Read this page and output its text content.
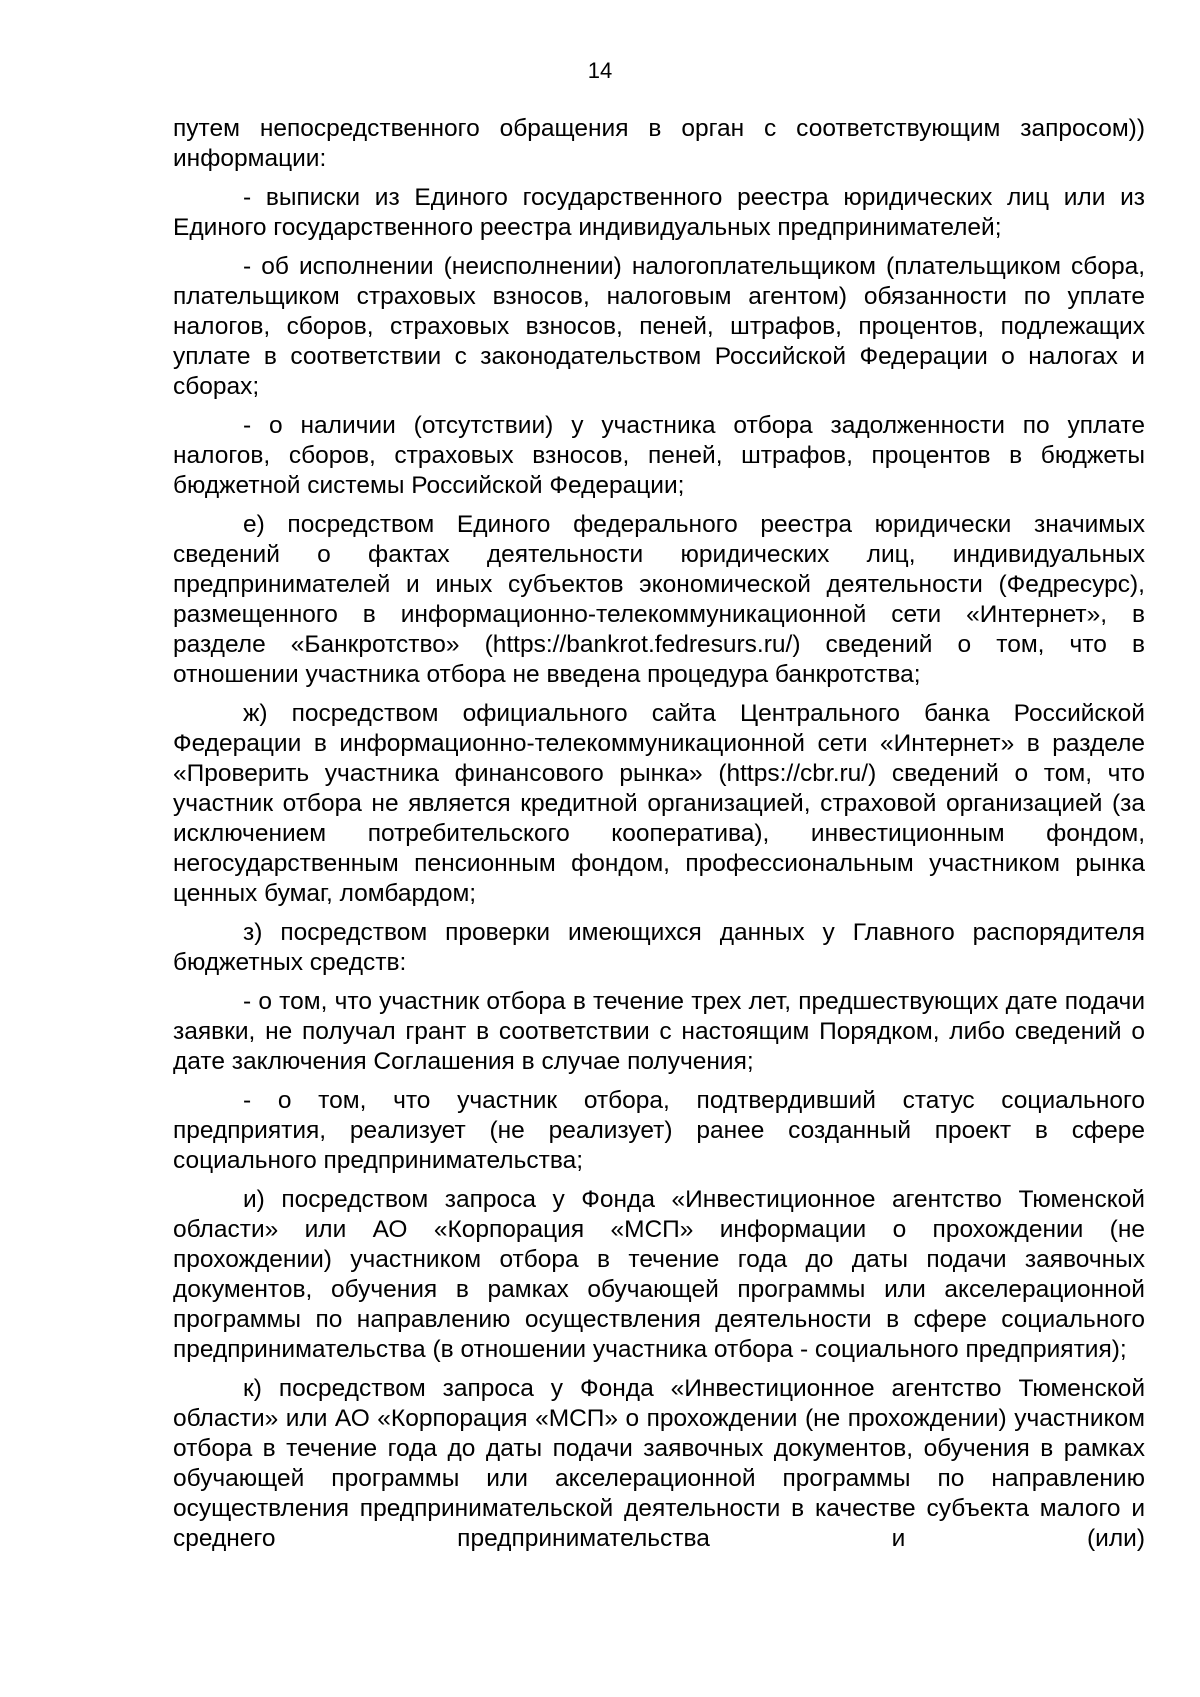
14

путем непосредственного обращения в орган с соответствующим запросом)) информации:

- выписки из Единого государственного реестра юридических лиц или из Единого государственного реестра индивидуальных предпринимателей;

- об исполнении (неисполнении) налогоплательщиком (плательщиком сбора, плательщиком страховых взносов, налоговым агентом) обязанности по уплате налогов, сборов, страховых взносов, пеней, штрафов, процентов, подлежащих уплате в соответствии с законодательством Российской Федерации о налогах и сборах;

- о наличии (отсутствии) у участника отбора задолженности по уплате налогов, сборов, страховых взносов, пеней, штрафов, процентов в бюджеты бюджетной системы Российской Федерации;

е) посредством Единого федерального реестра юридически значимых сведений о фактах деятельности юридических лиц, индивидуальных предпринимателей и иных субъектов экономической деятельности (Федресурс), размещенного в информационно-телекоммуникационной сети «Интернет», в разделе «Банкротство» (https://bankrot.fedresurs.ru/) сведений о том, что в отношении участника отбора не введена процедура банкротства;

ж) посредством официального сайта Центрального банка Российской Федерации в информационно-телекоммуникационной сети «Интернет» в разделе «Проверить участника финансового рынка» (https://cbr.ru/) сведений о том, что участник отбора не является кредитной организацией, страховой организацией (за исключением потребительского кооператива), инвестиционным фондом, негосударственным пенсионным фондом, профессиональным участником рынка ценных бумаг, ломбардом;

з) посредством проверки имеющихся данных у Главного распорядителя бюджетных средств:

- о том, что участник отбора в течение трех лет, предшествующих дате подачи заявки, не получал грант в соответствии с настоящим Порядком, либо сведений о дате заключения Соглашения в случае получения;

- о том, что участник отбора, подтвердивший статус социального предприятия, реализует (не реализует) ранее созданный проект в сфере социального предпринимательства;

и) посредством запроса у Фонда «Инвестиционное агентство Тюменской области» или АО «Корпорация «МСП» информации о прохождении (не прохождении) участником отбора в течение года до даты подачи заявочных документов, обучения в рамках обучающей программы или акселерационной программы по направлению осуществления деятельности в сфере социального предпринимательства (в отношении участника отбора - социального предприятия);

к) посредством запроса у Фонда «Инвестиционное агентство Тюменской области» или АО «Корпорация «МСП» о прохождении (не прохождении) участником отбора в течение года до даты подачи заявочных документов, обучения в рамках обучающей программы или акселерационной программы по направлению осуществления предпринимательской деятельности в качестве субъекта малого и среднего предпринимательства и (или)
